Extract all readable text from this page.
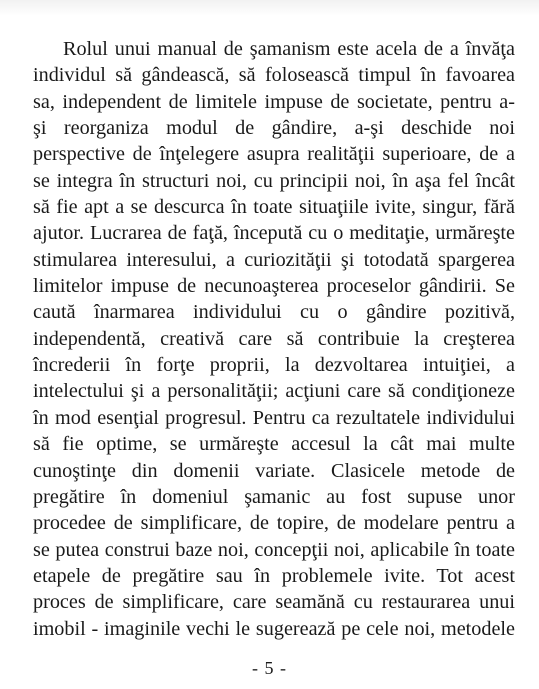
Rolul unui manual de şamanism este acela de a învăţa
individul să gândească, să folosească timpul în favoarea
sa, independent de limitele impuse de societate, pentru a-
şi reorganiza modul de gândire, a-şi deschide noi
perspective de înţelegere asupra realităţii superioare, de a
se integra în structuri noi, cu principii noi, în aşa fel încât
să fie apt a se descurca în toate situaţiile ivite, singur, fără
ajutor. Lucrarea de faţă, începută cu o meditaţie, urmăreşte
stimularea interesului, a curiozităţii şi totodată spargerea
limitelor impuse de necunoaşterea proceselor gândirii. Se
caută înarmarea individului cu o gândire pozitivă,
independentă, creativă care să contribuie la creşterea
încrederii în forţe proprii, la dezvoltarea intuiţiei, a
intelectului şi a personalităţii; acţiuni care să condiţioneze
în mod esenţial progresul. Pentru ca rezultatele individului
să fie optime, se urmăreşte accesul la cât mai multe
cunoştinţe din domenii variate. Clasicele metode de
pregătire în domeniul şamanic au fost supuse unor
procedee de simplificare, de topire, de modelare pentru a
se putea construi baze noi, concepţii noi, aplicabile în toate
etapele de pregătire sau în problemele ivite. Tot acest
proces de simplificare, care seamănă cu restaurarea unui
imobil - imaginile vechi le sugerează pe cele noi, metodele

- 5 -
